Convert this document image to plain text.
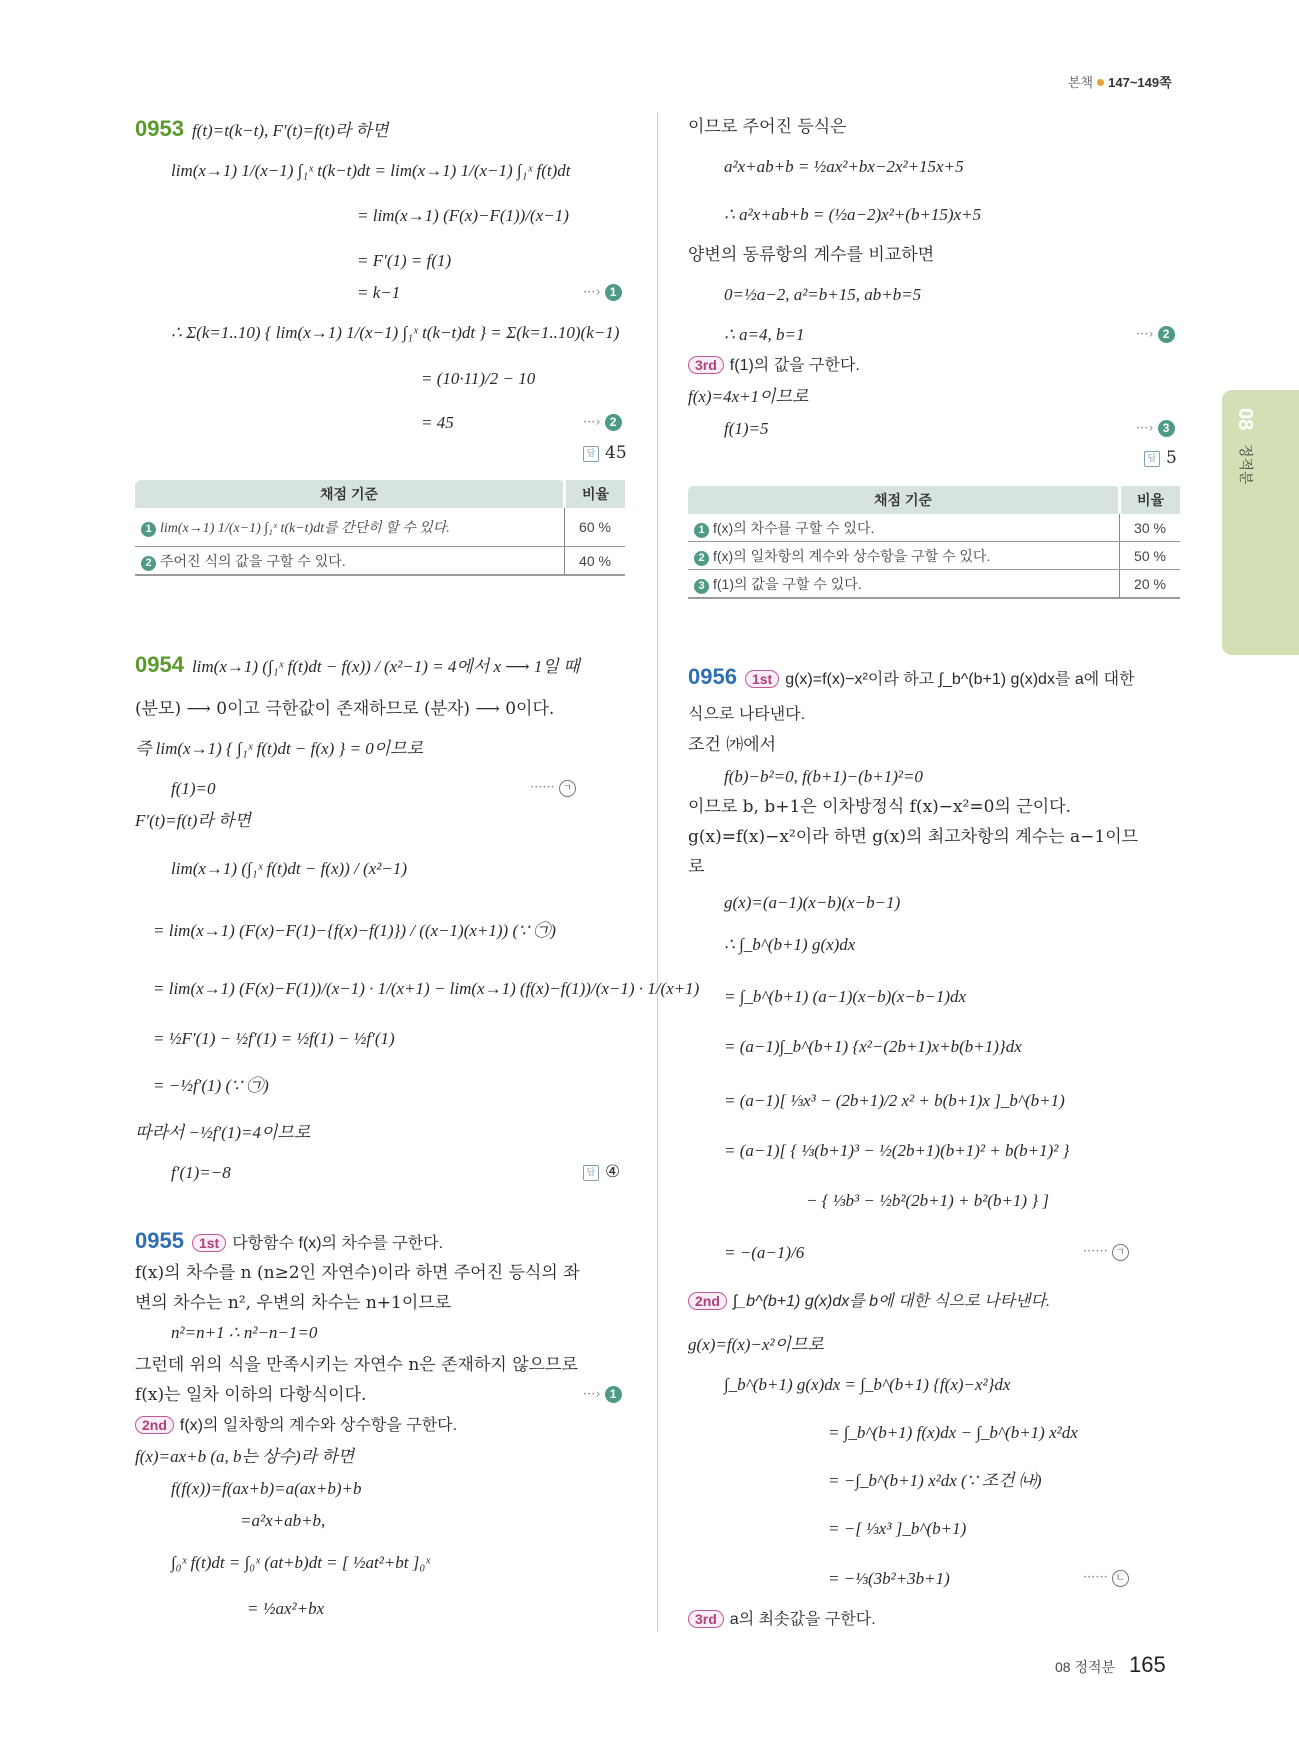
본책 147~149쪽
08
정적분
0953 f(t)=t(k−t), F′(t)=f(t)라 하면
lim(x→1) 1/(x−1) ∫₁ˣ t(k−t)dt = lim(x→1) 1/(x−1) ∫₁ˣ f(t)dt
= lim(x→1) (F(x)−F(1))/(x−1)
= F′(1) = f(1)
= k−1	···› 1
∴ Σ(k=1..10) { lim(x→1) 1/(x−1) ∫₁ˣ t(k−t)dt } = Σ(k=1..10)(k−1)
= (10·11)/2 − 10
= 45	···› 2
답 45
채점 기준	비율
1 lim(x→1) 1/(x−1) ∫₁ˣ t(k−t)dt를 간단히 할 수 있다.	60 %
2 주어진 식의 값을 구할 수 있다.	40 %
0954 lim(x→1) (∫₁ˣ f(t)dt − f(x)) / (x²−1) = 4에서 x ⟶ 1일 때
(분모) ⟶ 0이고 극한값이 존재하므로 (분자) ⟶ 0이다.
즉 lim(x→1) { ∫₁ˣ f(t)dt − f(x) } = 0이므로
f(1)=0	······ ㄱ
F′(t)=f(t)라 하면
lim(x→1) (∫₁ˣ f(t)dt − f(x)) / (x²−1)
= lim(x→1) (F(x)−F(1)−{f(x)−f(1)}) / ((x−1)(x+1)) (∵ ㉠)
= lim(x→1) (F(x)−F(1))/(x−1) · 1/(x+1) − lim(x→1) (f(x)−f(1))/(x−1) · 1/(x+1)
= ½F′(1) − ½f′(1) = ½f(1) − ½f′(1)
= −½f′(1) (∵ ㉠)
따라서 −½f′(1)=4이므로
f′(1)=−8	답 ④
0955 1st 다항함수 f(x)의 차수를 구한다.
f(x)의 차수를 n (n≥2인 자연수)이라 하면 주어진 등식의 좌
변의 차수는 n², 우변의 차수는 n+1이므로
n²=n+1 ∴ n²−n−1=0
그런데 위의 식을 만족시키는 자연수 n은 존재하지 않으므로
f(x)는 일차 이하의 다항식이다.	···› 1
2nd f(x)의 일차항의 계수와 상수항을 구한다.
f(x)=ax+b (a, b는 상수)라 하면
f(f(x))=f(ax+b)=a(ax+b)+b
=a²x+ab+b,
∫₀ˣ f(t)dt = ∫₀ˣ (at+b)dt = [ ½at²+bt ]₀ˣ
= ½ax²+bx
이므로 주어진 등식은
a²x+ab+b = ½ax²+bx−2x²+15x+5
∴ a²x+ab+b = (½a−2)x²+(b+15)x+5
양변의 동류항의 계수를 비교하면
0=½a−2, a²=b+15, ab+b=5
∴ a=4, b=1	···› 2
3rd f(1)의 값을 구한다.
f(x)=4x+1이므로
f(1)=5	···› 3
답 5
채점 기준	비율
1 f(x)의 차수를 구할 수 있다.	30 %
2 f(x)의 일차항의 계수와 상수항을 구할 수 있다.	50 %
3 f(1)의 값을 구할 수 있다.	20 %
0956 1st g(x)=f(x)−x²이라 하고 ∫_b^(b+1) g(x)dx를 a에 대한
식으로 나타낸다.
조건 ㈎에서
f(b)−b²=0, f(b+1)−(b+1)²=0
이므로 b, b+1은 이차방정식 f(x)−x²=0의 근이다.
g(x)=f(x)−x²이라 하면 g(x)의 최고차항의 계수는 a−1이므
로
g(x)=(a−1)(x−b)(x−b−1)
∴ ∫_b^(b+1) g(x)dx
= ∫_b^(b+1) (a−1)(x−b)(x−b−1)dx
= (a−1)∫_b^(b+1) {x²−(2b+1)x+b(b+1)}dx
= (a−1)[ ⅓x³ − (2b+1)/2 x² + b(b+1)x ]_b^(b+1)
= (a−1)[ { ⅓(b+1)³ − ½(2b+1)(b+1)² + b(b+1)² }
− { ⅓b³ − ½b²(2b+1) + b²(b+1) } ]
= −(a−1)/6	······ ㄱ
2nd ∫_b^(b+1) g(x)dx를 b에 대한 식으로 나타낸다.
g(x)=f(x)−x²이므로
∫_b^(b+1) g(x)dx = ∫_b^(b+1) {f(x)−x²}dx
= ∫_b^(b+1) f(x)dx − ∫_b^(b+1) x²dx
= −∫_b^(b+1) x²dx (∵ 조건 ㈏)
= −[ ⅓x³ ]_b^(b+1)
= −⅓(3b²+3b+1)	······ ㄴ
3rd a의 최솟값을 구한다.
08 정적분 165
